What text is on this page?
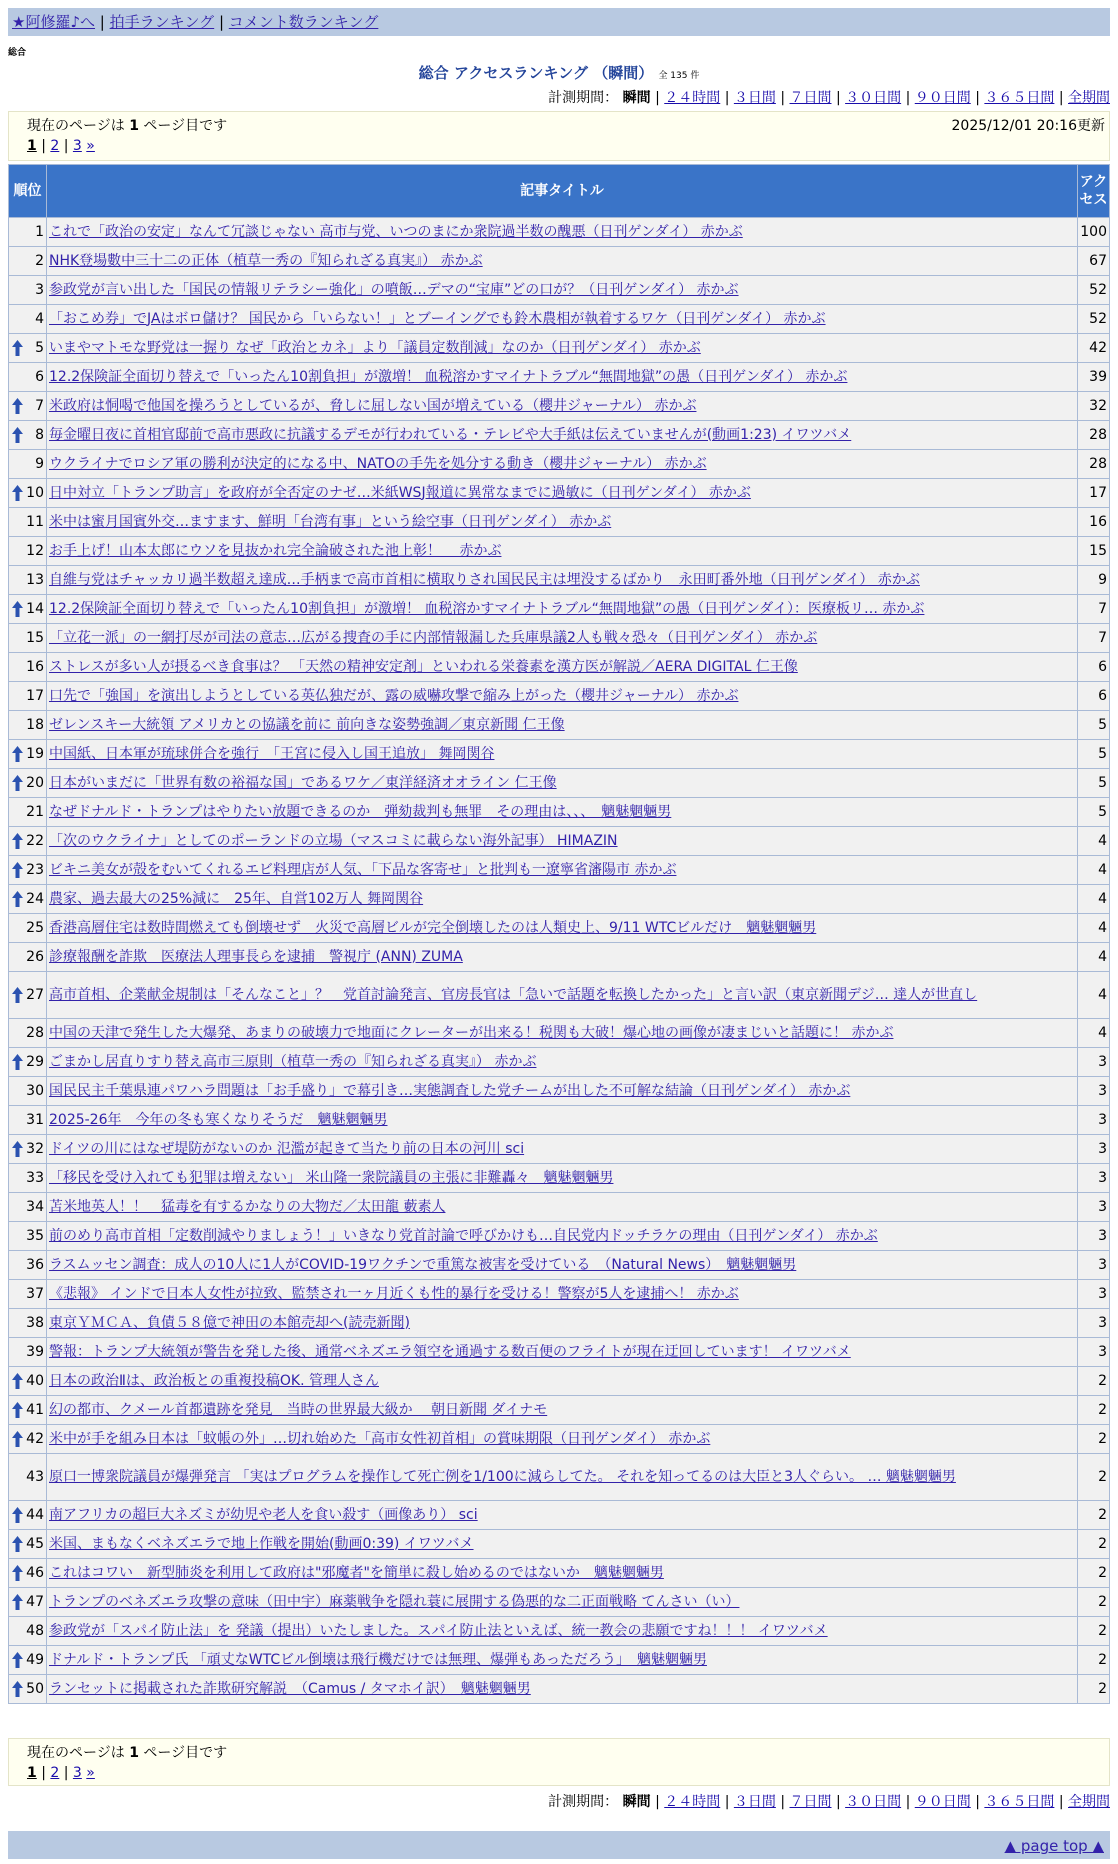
★阿修羅♪へ | 拍手ランキング | コメント数ランキング
総合
総合 アクセスランキング （瞬間） 全 135 件
計測期間： 瞬間 | ２４時間 | ３日間 | ７日間 | ３０日間 | ９０日間 | ３６５日間 | 全期間
現在のページは 1 ページ目です	2025/12/01 20:16更新
1 | 2 | 3 »
順位	記事タイトル	アクセス
1	これで「政治の安定」なんて冗談じゃない 高市与党、いつのまにか衆院過半数の醜悪（日刊ゲンダイ） 赤かぶ	100
2	NHK登場數中三十二の正体（植草一秀の『知られざる真実』） 赤かぶ	67
3	参政党が言い出した「国民の情報リテラシー強化」の噴飯…デマの“宝庫”どの口が？（日刊ゲンダイ） 赤かぶ	52
4	「おこめ券」でJAはボロ儲け？ 国民から「いらない！」とブーイングでも鈴木農相が執着するワケ（日刊ゲンダイ） 赤かぶ	52

5	いまやマトモな野党は一握り なぜ「政治とカネ」より「議員定数削減」なのか（日刊ゲンダイ） 赤かぶ	42
6	12.2保険証全面切り替えで「いったん10割負担」が激増！ 血税溶かすマイナトラブル“無間地獄”の愚（日刊ゲンダイ） 赤かぶ	39

7	米政府は恫喝で他国を操ろうとしているが、脅しに屈しない国が増えている（櫻井ジャーナル） 赤かぶ	32

8	毎金曜日夜に首相官邸前で高市悪政に抗議するデモが行われている・テレビや大手紙は伝えていませんが(動画1:23) イワツバメ	28
9	ウクライナでロシア軍の勝利が決定的になる中、NATOの手先を処分する動き（櫻井ジャーナル） 赤かぶ	28

10	日中対立「トランプ助言」を政府が全否定のナゼ…米紙WSJ報道に異常なまでに過敏に（日刊ゲンダイ） 赤かぶ	17
11	米中は蜜月国賓外交…ますます、鮮明「台湾有事」という絵空事（日刊ゲンダイ） 赤かぶ	16
12	お手上げ！山本太郎にウソを見抜かれ完全論破された池上彰！　 赤かぶ	15
13	自維与党はチャッカリ過半数超え達成…手柄まで高市首相に横取りされ国民民主は埋没するばかり　永田町番外地（日刊ゲンダイ） 赤かぶ	9

14	12.2保険証全面切り替えで「いったん10割負担」が激増！ 血税溶かすマイナトラブル“無間地獄”の愚（日刊ゲンダイ）：医療板リ… 赤かぶ	7
15	「立花一派」の一網打尽が司法の意志…広がる捜査の手に内部情報漏した兵庫県議2人も戦々恐々（日刊ゲンダイ） 赤かぶ	7
16	ストレスが多い人が摂るべき食事は？ 「天然の精神安定剤」といわれる栄養素を漢方医が解説／AERA DIGITAL 仁王像	6
17	口先で「強国」を演出しようとしている英仏独だが、露の威嚇攻撃で縮み上がった（櫻井ジャーナル） 赤かぶ	6
18	ゼレンスキー大統領 アメリカとの協議を前に 前向きな姿勢強調／東京新聞 仁王像	5

19	中国紙、日本軍が琉球併合を強行　「王宮に侵入し国王追放」 舞岡関谷	5

20	日本がいまだに「世界有数の裕福な国」であるワケ／東洋経済オオライン 仁王像	5
21	なぜドナルド・トランプはやりたい放題できるのか　弾劾裁判も無罪　その理由は、、、　魑魅魍魎男	5

22	「次のウクライナ」としてのポーランドの立場（マスコミに載らない海外記事） HIMAZIN	4

23	ビキニ美女が殻をむいてくれるエビ料理店が人気、「下品な客寄せ」と批判も一遼寧省瀋陽市 赤かぶ	4

24	農家、過去最大の25%減に　25年、自営102万人 舞岡関谷	4
25	香港高層住宅は数時間燃えても倒壊せず　火災で高層ビルが完全倒壊したのは人類史上、9/11 WTCビルだけ　魑魅魍魎男	4
26	診療報酬を詐欺　医療法人理事長らを逮捕　警視庁 (ANN) ZUMA	4

27	高市首相、企業献金規制は「そんなこと」？　党首討論発言、官房長官は「急いで話題を転換したかった」と言い訳（東京新聞デジ… 達人が世直し	4
28	中国の天津で発生した大爆発、あまりの破壊力で地面にクレーターが出来る！税関も大破！爆心地の画像が凄まじいと話題に！ 赤かぶ	4

29	ごまかし居直りすり替え高市三原則（植草一秀の『知られざる真実』） 赤かぶ	3
30	国民民主千葉県連パワハラ問題は「お手盛り」で幕引き…実態調査した党チームが出した不可解な結論（日刊ゲンダイ） 赤かぶ	3
31	2025-26年　今年の冬も寒くなりそうだ　魑魅魍魎男	3

32	ドイツの川にはなぜ堤防がないのか 氾濫が起きて当たり前の日本の河川 sci	3
33	「移民を受け入れても犯罪は増えない」 米山隆一衆院議員の主張に非難轟々　魑魅魍魎男	3
34	苫米地英人！！　猛毒を有するかなりの大物だ／太田龍 藪素人	3
35	前のめり高市首相「定数削減やりましょう！」いきなり党首討論で呼びかけも…自民党内ドッチラケの理由（日刊ゲンダイ） 赤かぶ	3
36	ラスムッセン調査：成人の10人に1人がCOVID-19ワクチンで重篤な被害を受けている　（Natural News）　魑魅魍魎男	3
37	《悲報》 インドで日本人女性が拉致、監禁され一ヶ月近くも性的暴行を受ける！警察が5人を逮捕へ！ 赤かぶ	3
38	東京ＹＭＣＡ、負債５８億で神田の本館売却へ(読売新聞)	3
39	警報：トランプ大統領が警告を発した後、通常ベネズエラ領空を通過する数百便のフライトが現在迂回しています！ イワツバメ	3

40	日本の政治Ⅱは、政治板との重複投稿OK. 管理人さん	2

41	幻の都市、クメール首都遺跡を発見　当時の世界最大級か　 朝日新聞 ダイナモ	2

42	米中が手を組み日本は「蚊帳の外」…切れ始めた「高市女性初首相」の賞味期限（日刊ゲンダイ） 赤かぶ	2
43	原口一博衆院議員が爆弾発言 「実はプログラムを操作して死亡例を1/100に減らしてた。 それを知ってるのは大臣と3人ぐらい。 … 魑魅魍魎男	2

44	南アフリカの超巨大ネズミが幼児や老人を食い殺す（画像あり） sci	2

45	米国、まもなくベネズエラで地上作戦を開始(動画0:39) イワツバメ	2

46	これはコワい　新型肺炎を利用して政府は"邪魔者"を簡単に殺し始めるのではないか　魑魅魍魎男	2

47	トランプのベネズエラ攻撃の意味（田中宇）麻薬戦争を隠れ蓑に展開する偽悪的な二正面戦略 てんさい（い）	2
48	参政党が「スパイ防止法」を 発議（提出）いたしました。スパイ防止法といえば、統一教会の悲願ですね！！！ イワツバメ	2

49	ドナルド・トランプ氏 「頑丈なWTCビル倒壊は飛行機だけでは無理、爆弾もあっただろう」　魑魅魍魎男	2

50	ランセットに掲載された詐欺研究解説　（Camus / タマホイ訳）　魑魅魍魎男	2
現在のページは 1 ページ目です
1 | 2 | 3 »
計測期間： 瞬間 | ２４時間 | ３日間 | ７日間 | ３０日間 | ９０日間 | ３６５日間 | 全期間
▲ page top ▲
